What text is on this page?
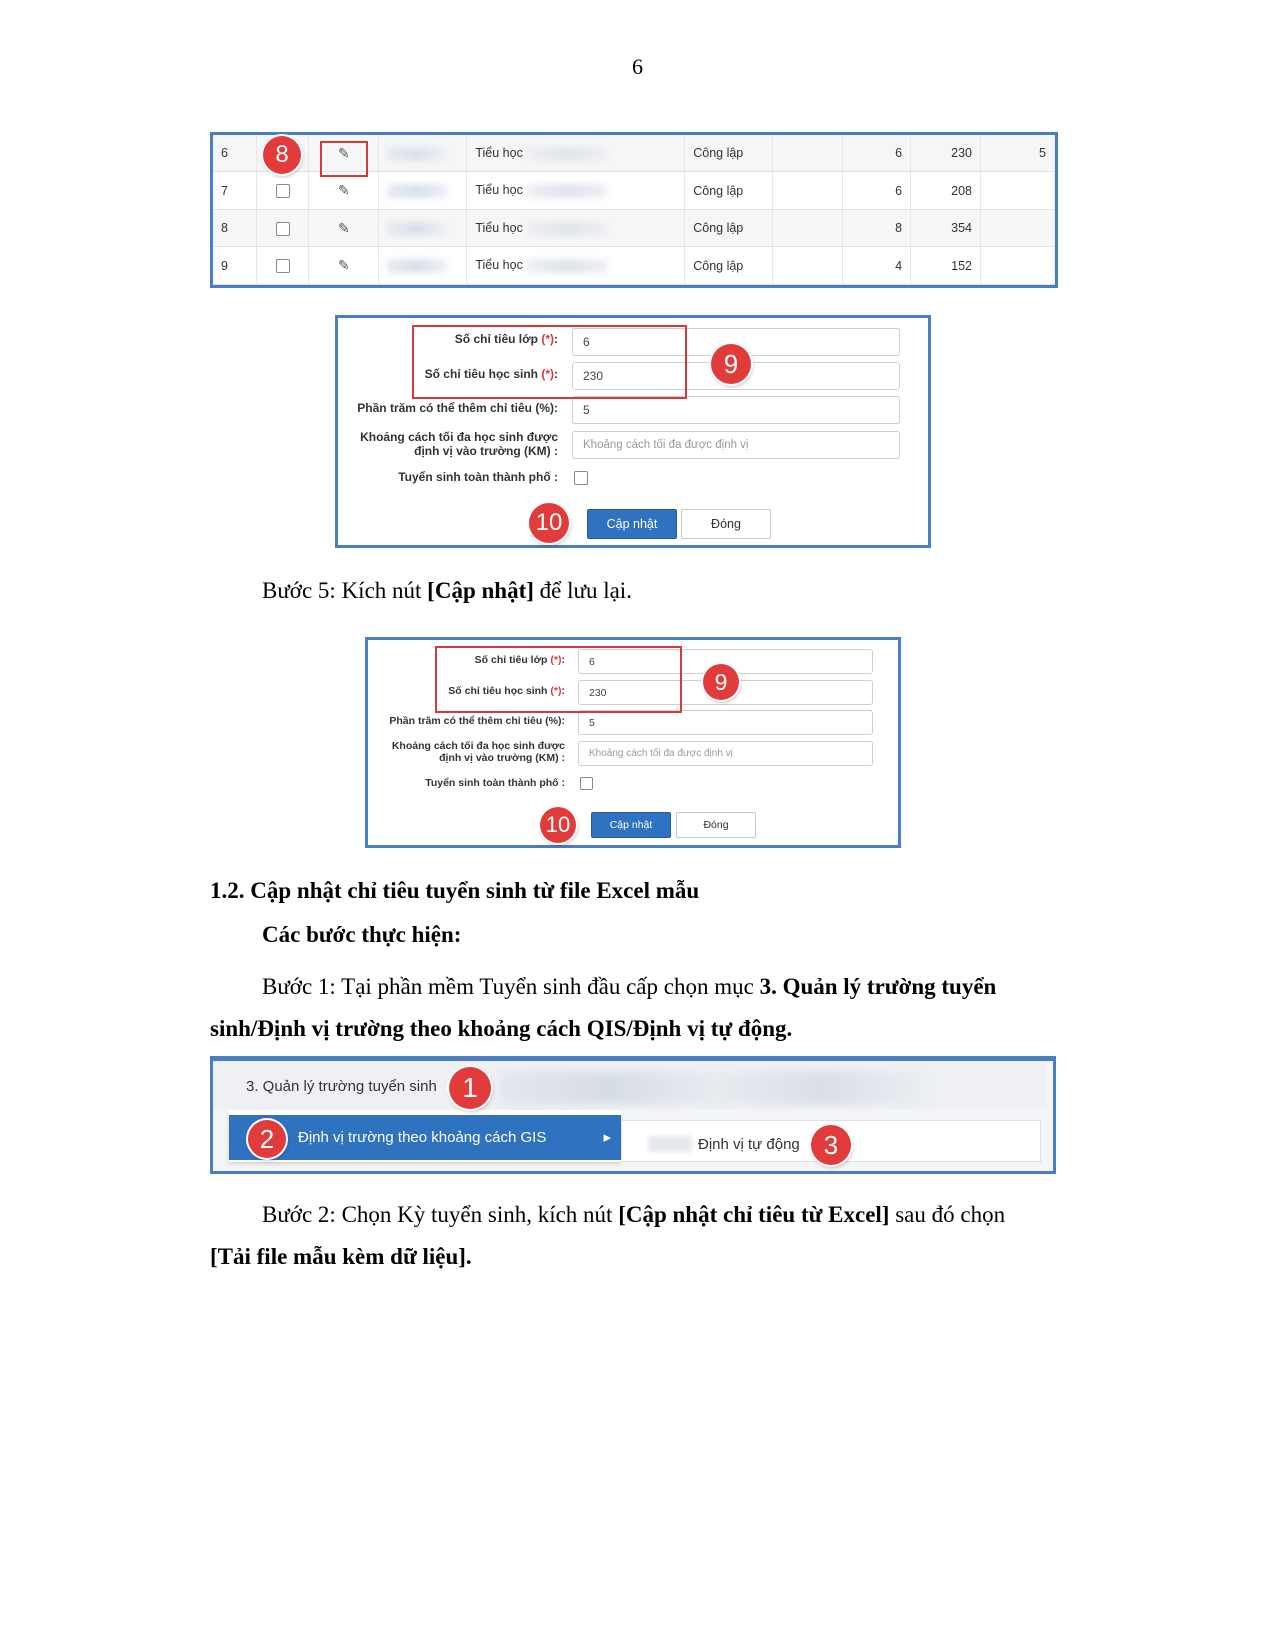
6
6		✎		Tiểu học	Công lập		6	230	5
7		✎		Tiểu học	Công lập		6	208	
8		✎		Tiểu học	Công lập		8	354	
9		✎		Tiểu học	Công lập		4	152	
8
Số chỉ tiêu lớp (*):	6
Số chỉ tiêu học sinh (*):	230
Phần trăm có thể thêm chỉ tiêu (%):	5
Khoảng cách tối đa học sinh được
định vị vào trường (KM) :	Khoảng cách tối đa được định vị
Tuyển sinh toàn thành phố :
Cập nhật	Đóng
9
10
Bước 5: Kích nút [Cập nhật] để lưu lại.
Số chỉ tiêu lớp (*):	6
Số chỉ tiêu học sinh (*):	230
Phần trăm có thể thêm chỉ tiêu (%):	5
Khoảng cách tối đa học sinh được
định vị vào trường (KM) :	Khoảng cách tối đa được định vị
Tuyển sinh toàn thành phố :
Cập nhật	Đóng
9
10
1.2. Cập nhật chỉ tiêu tuyển sinh từ file Excel mẫu
Các bước thực hiện:
Bước 1: Tại phần mềm Tuyển sinh đầu cấp chọn mục 3. Quản lý trường tuyển
sinh/Định vị trường theo khoảng cách QIS/Định vị tự động.
3. Quản lý trường tuyển sinh
Định vị trường theo khoảng cách GIS	▸	Định vị tự động
1
2	3
Bước 2: Chọn Kỳ tuyển sinh, kích nút [Cập nhật chỉ tiêu từ Excel] sau đó chọn
[Tải file mẫu kèm dữ liệu].
